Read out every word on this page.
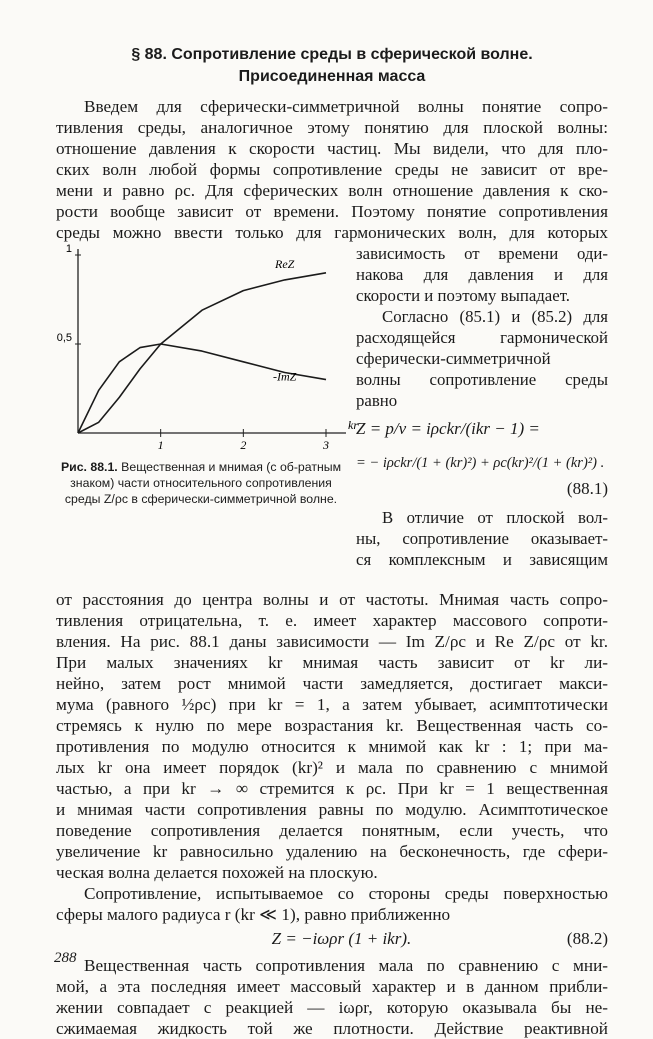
§ 88. Сопротивление среды в сферической волне.
Присоединенная масса
Введем для сферически-симметричной волны понятие сопро-
тивления среды, аналогичное этому понятию для плоской волны:
отношение давления к скорости частиц. Мы видели, что для пло-
ских волн любой формы сопротивление среды не зависит от вре-
мени и равно ρc. Для сферических волн отношение давления к ско-
рости вообще зависит от времени. Поэтому понятие сопротивления
среды можно ввести только для гармонических волн, для которых
1	2	3
0,5
1
kr
ReZ
-ImZ
Рис. 88.1. Вещественная и мнимая (с об-ратным знаком) части относительного сопротивления среды Z/ρc в сферически-симметричной волне.
зависимость от времени оди-
накова для давления и для
скорости и поэтому выпадает.
Согласно (85.1) и (85.2) для
расходящейся гармонической
сферически-симметричной
волны сопротивление среды
равно
Z = p/v = iρckr/(ikr − 1) =
= − iρckr/(1 + (kr)²) + ρc(kr)²/(1 + (kr)²) .
(88.1)
В отличие от плоской вол-
ны, сопротивление оказывает-
ся комплексным и зависящим
от расстояния до центра волны и от частоты. Мнимая часть сопро-
тивления отрицательна, т. е. имеет характер массового сопроти-
вления. На рис. 88.1 даны зависимости — Im Z/ρc и Re Z/ρc от kr.
При малых значениях kr мнимая часть зависит от kr ли-
нейно, затем рост мнимой части замедляется, достигает макси-
мума (равного ½ρc) при kr = 1, а затем убывает, асимптотически
стремясь к нулю по мере возрастания kr. Вещественная часть со-
противления по модулю относится к мнимой как kr : 1; при ма-
лых kr она имеет порядок (kr)² и мала по сравнению с мнимой
частью, а при kr → ∞ стремится к ρc. При kr = 1 вещественная
и мнимая части сопротивления равны по модулю. Асимптотическое
поведение сопротивления делается понятным, если учесть, что
увеличение kr равносильно удалению на бесконечность, где сфери-
ческая волна делается похожей на плоскую.
Сопротивление, испытываемое со стороны среды поверхностью
сферы малого радиуса r (kr ≪ 1), равно приближенно
Z = −iωρr (1 + ikr).	(88.2)
Вещественная часть сопротивления мала по сравнению с мни-
мой, а эта последняя имеет массовый характер и в данном прибли-
жении совпадает с реакцией — iωρr, которую оказывала бы не-
сжимаемая жидкость той же плотности. Действие реактивной
288
